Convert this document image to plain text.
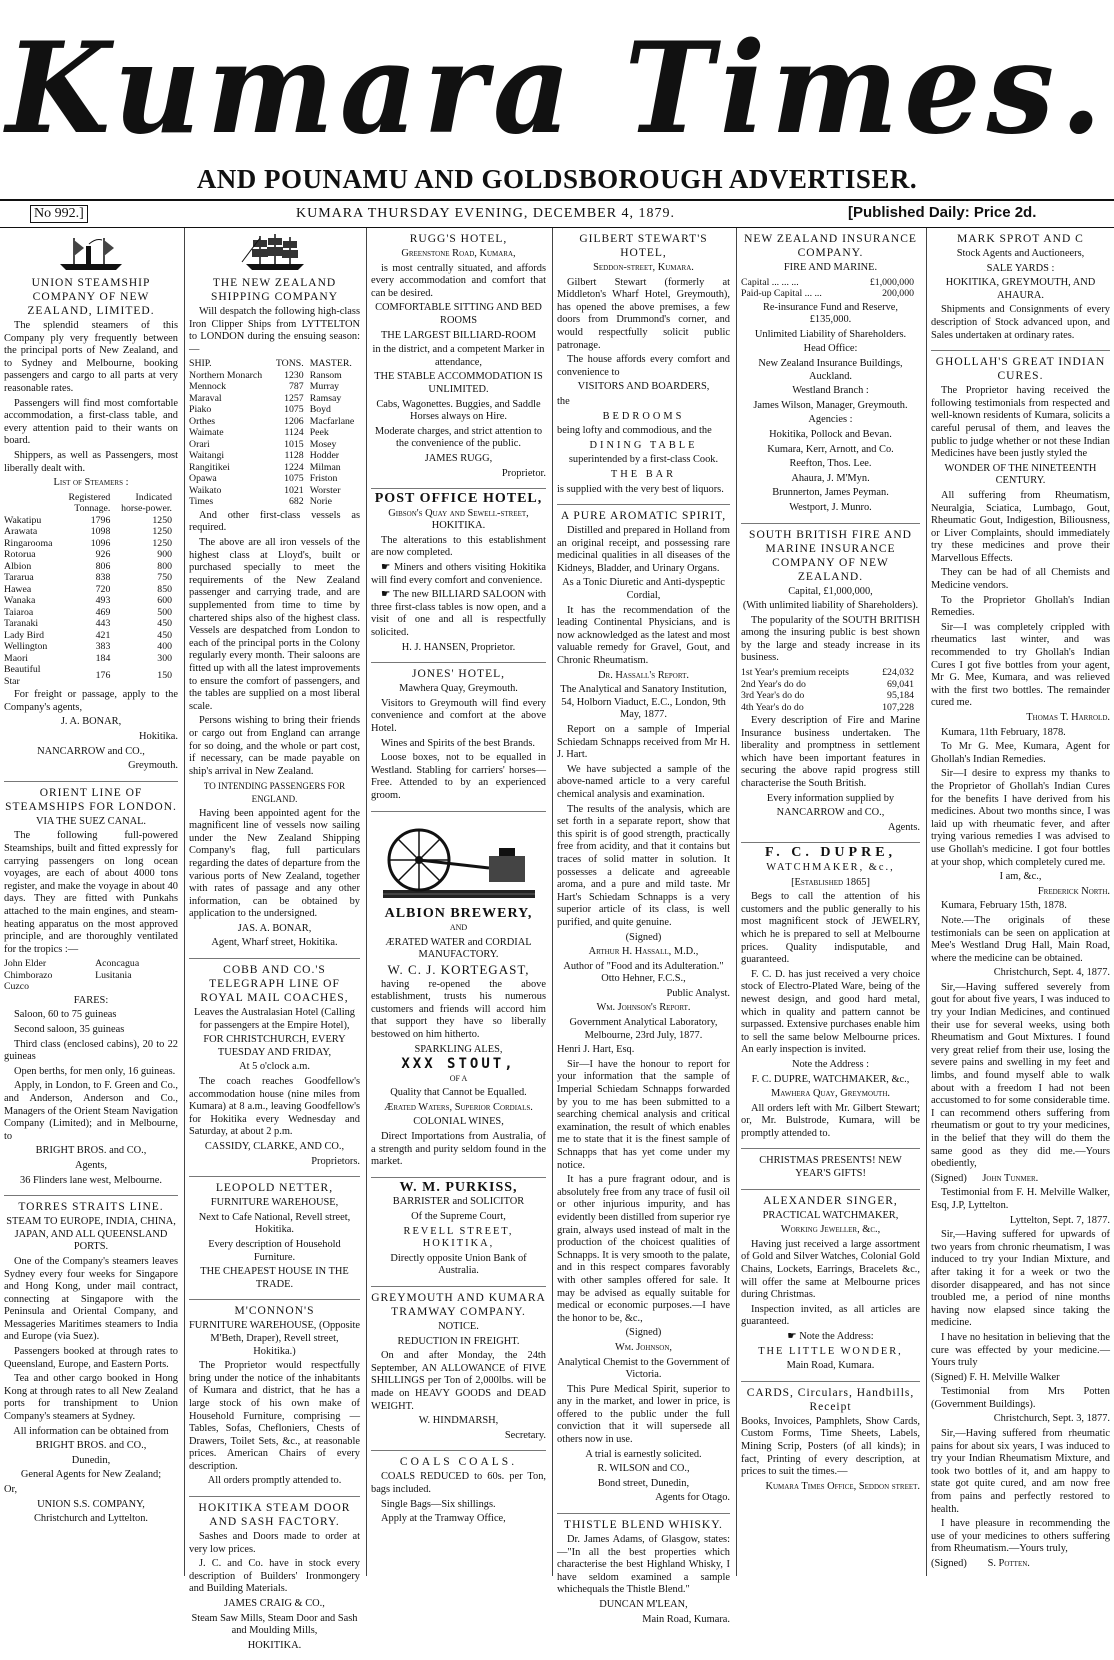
Kumara Times.
AND POUNAMU AND GOLDSBOROUGH ADVERTISER.
No 992.]	KUMARA THURSDAY EVENING, DECEMBER 4, 1879.	[Published Daily: Price 2d.
UNION STEAMSHIP COMPANY OF NEW ZEALAND, LIMITED.

The splendid steamers of this Company ply very frequently between the principal ports of New Zealand, and to Sydney and Melbourne, booking passengers and cargo to all parts at very reasonable rates.

Passengers will find most comfortable accommodation, a first-class table, and every attention paid to their wants on board.

Shippers, as well as Passengers, most liberally dealt with.

List of Steamers :

	Registered Tonnage.	Indicated horse-power.
Wakatipu	1796	1250
Arawata	1098	1250
Ringarooma	1096	1250
Rotorua	926	900
Albion	806	800
Tararua	838	750
Hawea	720	850
Wanaka	493	600
Taiaroa	469	500
Taranaki	443	450
Lady Bird	421	450
Wellington	383	400
Maori	184	300
Beautiful Star	176	150

For freight or passage, apply to the Company's agents,

J. A. BONAR,

Hokitika.

NANCARROW and CO.,

Greymouth.

ORIENT LINE OF STEAMSHIPS FOR LONDON.

VIA THE SUEZ CANAL.

The following full-powered Steamships, built and fitted expressly for carrying passengers on long ocean voyages, are each of about 4000 tons register, and make the voyage in about 40 days. They are fitted with Punkahs attached to the main engines, and steam-heating apparatus on the most approved principle, and are thoroughly ventilated for the tropics :—

John Elder	Aconcagua
Chimborazo	Lusitania
Cuzco	

FARES:

Saloon, 60 to 75 guineas

Second saloon, 35 guineas

Third class (enclosed cabins), 20 to 22 guineas

Open berths, for men only, 16 guineas.

Apply, in London, to F. Green and Co., and Anderson, Anderson and Co., Managers of the Orient Steam Navigation Company (Limited); and in Melbourne, to

BRIGHT BROS. and CO.,

Agents,

36 Flinders lane west, Melbourne.

TORRES STRAITS LINE.

STEAM TO EUROPE, INDIA, CHINA, JAPAN, AND ALL QUEENSLAND PORTS.

One of the Company's steamers leaves Sydney every four weeks for Singapore and Hong Kong, under mail contract, connecting at Singapore with the Peninsula and Oriental Company, and Messageries Maritimes steamers to India and Europe (via Suez).

Passengers booked at through rates to Queensland, Europe, and Eastern Ports.

Tea and other cargo booked in Hong Kong at through rates to all New Zealand ports for transhipment to Union Company's steamers at Sydney.

All information can be obtained from

BRIGHT BROS. and CO.,

Dunedin,

General Agents for New Zealand;

Or,

UNION S.S. COMPANY,

Christchurch and Lyttelton.

THE NEW ZEALAND SHIPPING COMPANY

Will despatch the following high-class Iron Clipper Ships from LYTTELTON to LONDON during the ensuing season:—

SHIP.	TONS.	MASTER.
Northern Monarch	1230	Ransom
Mennock	787	Murray
Maraval	1257	Ramsay
Piako	1075	Boyd
Orthes	1206	Macfarlane
Waimate	1124	Peek
Orari	1015	Mosey
Waitangi	1128	Hodder
Rangitikei	1224	Milman
Opawa	1075	Friston
Waikato	1021	Worster
Times	682	Norie

And other first-class vessels as required.

The above are all iron vessels of the highest class at Lloyd's, built or purchased specially to meet the requirements of the New Zealand passenger and carrying trade, and are supplemented from time to time by chartered ships also of the highest class. Vessels are despatched from London to each of the principal ports in the Colony regularly every month. Their saloons are fitted up with all the latest improvements to ensure the comfort of passengers, and the tables are supplied on a most liberal scale.

Persons wishing to bring their friends or cargo out from England can arrange for so doing, and the whole or part cost, if necessary, can be made payable on ship's arrival in New Zealand.

TO INTENDING PASSENGERS FOR ENGLAND.

Having been appointed agent for the magnificent line of vessels now sailing under the New Zealand Shipping Company's flag, full particulars regarding the dates of departure from the various ports of New Zealand, together with rates of passage and any other information, can be obtained by application to the undersigned.

JAS. A. BONAR,

Agent, Wharf street, Hokitika.

COBB AND CO.'S
TELEGRAPH LINE OF ROYAL MAIL COACHES,

Leaves the Australasian Hotel (Calling for passengers at the Empire Hotel),

FOR CHRISTCHURCH, EVERY TUESDAY AND FRIDAY,

At 5 o'clock a.m.

The coach reaches Goodfellow's accommodation house (nine miles from Kumara) at 8 a.m., leaving Goodfellow's for Hokitika every Wednesday and Saturday, at about 2 p.m.

CASSIDY, CLARKE, AND CO.,

Proprietors.

LEOPOLD NETTER,

FURNITURE WAREHOUSE,

Next to Cafe National, Revell street, Hokitika.

Every description of Household Furniture.

THE CHEAPEST HOUSE IN THE TRADE.

M'CONNON'S

FURNITURE WAREHOUSE, (Opposite M'Beth, Draper), Revell street, Hokitika.)

The Proprietor would respectfully bring under the notice of the inhabitants of Kumara and district, that he has a large stock of his own make of Household Furniture, comprising — Tables, Sofas, Chefloniers, Chests of Drawers, Toilet Sets, &c., at reasonable prices. American Chairs of every description.

All orders promptly attended to.

HOKITIKA STEAM DOOR AND SASH FACTORY.

Sashes and Doors made to order at very low prices.

J. C. and Co. have in stock every description of Builders' Ironmongery and Building Materials.

JAMES CRAIG & CO.,

Steam Saw Mills, Steam Door and Sash and Moulding Mills,

HOKITIKA.

RUGG'S HOTEL,

Greenstone Road, Kumara,

is most centrally situated, and affords every accommodation and comfort that can be desired.

COMFORTABLE SITTING AND BED ROOMS

THE LARGEST BILLIARD-ROOM

in the district, and a competent Marker in attendance,

THE STABLE ACCOMMODATION IS UNLIMITED.

Cabs, Wagonettes. Buggies, and Saddle Horses always on Hire.

Moderate charges, and strict attention to the convenience of the public.

JAMES RUGG,

Proprietor.

POST OFFICE HOTEL,

Gibson's Quay and Sewell-street, HOKITIKA.

The alterations to this establishment are now completed.

☛ Miners and others visiting Hokitika will find every comfort and convenience.

☛ The new BILLIARD SALOON with three first-class tables is now open, and a visit of one and all is respectfully solicited.

H. J. HANSEN, Proprietor.

JONES' HOTEL,

Mawhera Quay, Greymouth.

Visitors to Greymouth will find every convenience and comfort at the above Hotel.

Wines and Spirits of the best Brands.

Loose boxes, not to be equalled in Westland. Stabling for carriers' horses—Free. Attended to by an experienced groom.

ALBION BREWERY,

AND

ÆRATED WATER and CORDIAL MANUFACTORY.

W. C. J. KORTEGAST,

having re-opened the above establishment, trusts his numerous customers and friends will accord him that support they have so liberally bestowed on him hitherto.

SPARKLING ALES,

XXX STOUT,

OF A

Quality that Cannot be Equalled.

Ærated Waters, Superior Cordials.

COLONIAL WINES,

Direct Importations from Australia, of a strength and purity seldom found in the market.

W. M. PURKISS,

BARRISTER and SOLICITOR

Of the Supreme Court,

REVELL STREET, HOKITIKA,

Directly opposite Union Bank of Australia.

GREYMOUTH AND KUMARA TRAMWAY COMPANY.

NOTICE.

REDUCTION IN FREIGHT.

On and after Monday, the 24th September, AN ALLOWANCE of FIVE SHILLINGS per Ton of 2,000lbs. will be made on HEAVY GOODS and DEAD WEIGHT.

W. HINDMARSH,

Secretary.

COALS COALS.

COALS REDUCED to 60s. per Ton, bags included.

Single Bags—Six shillings.

Apply at the Tramway Office,

GILBERT STEWART'S HOTEL,

Seddon-street, Kumara.

Gilbert Stewart (formerly at Middleton's Wharf Hotel, Greymouth), has opened the above premises, a few doors from Drummond's corner, and would respectfully solicit public patronage.

The house affords every comfort and convenience to

VISITORS AND BOARDERS,

the

BEDROOMS

being lofty and commodious, and the

DINING TABLE

superintended by a first-class Cook.

THE BAR

is supplied with the very best of liquors.

A PURE AROMATIC SPIRIT,

Distilled and prepared in Holland from an original receipt, and possessing rare medicinal qualities in all diseases of the Kidneys, Bladder, and Urinary Organs.

As a Tonic Diuretic and Anti-dyspeptic Cordial,

It has the recommendation of the leading Continental Physicians, and is now acknowledged as the latest and most valuable remedy for Gravel, Gout, and Chronic Rheumatism.

Dr. Hassall's Report.

The Analytical and Sanatory Institution, 54, Holborn Viaduct, E.C., London, 9th May, 1877.

Report on a sample of Imperial Schiedam Schnapps received from Mr H. J. Hart.

We have subjected a sample of the above-named article to a very careful chemical analysis and examination.

The results of the analysis, which are set forth in a separate report, show that this spirit is of good strength, practically free from acidity, and that it contains but traces of solid matter in solution. It possesses a delicate and agreeable aroma, and a pure and mild taste. Mr Hart's Schiedam Schnapps is a very superior article of its class, is well purified, and quite genuine.

(Signed)

Arthur H. Hassall, M.D.,

Author of "Food and its Adulteration." Otto Hehner, F.C.S.,

Public Analyst.

Wm. Johnson's Report.

Government Analytical Laboratory, Melbourne, 23rd July, 1877.

Henri J. Hart, Esq.

Sir—I have the honour to report for your information that the sample of Imperial Schiedam Schnapps forwarded by you to me has been submitted to a searching chemical analysis and critical examination, the result of which enables me to state that it is the finest sample of Schnapps that has yet come under my notice.

It has a pure fragrant odour, and is absolutely free from any trace of fusil oil or other injurious impurity, and has evidently been distilled from superior rye grain, always used instead of malt in the production of the choicest qualities of Schnapps. It is very smooth to the palate, and in this respect compares favorably with other samples offered for sale. It may be advised as equally suitable for medical or economic purposes.—I have the honor to be, &c.,

(Signed)

Wm. Johnson,

Analytical Chemist to the Government of Victoria.

This Pure Medical Spirit, superior to any in the market, and lower in price, is offered to the public under the full conviction that it will supersede all others now in use.

A trial is earnestly solicited.

R. WILSON and CO.,

Bond street, Dunedin,

Agents for Otago.

THISTLE BLEND WHISKY.

Dr. James Adams, of Glasgow, states:—"In all the best properties which characterise the best Highland Whisky, I have seldom examined a sample whichequals the Thistle Blend."

DUNCAN M'LEAN,

Main Road, Kumara.

NEW ZEALAND INSURANCE COMPANY.

FIRE AND MARINE.

Capital ... ... ...	£1,000,000
Paid-up Capital ... ...	200,000

Re-insurance Fund and Reserve, £135,000.

Unlimited Liability of Shareholders.

Head Office:

New Zealand Insurance Buildings, Auckland.

Westland Branch :

James Wilson, Manager, Greymouth.

Agencies :

Hokitika, Pollock and Bevan.

Kumara, Kerr, Arnott, and Co.

Reefton, Thos. Lee.

Ahaura, J. M'Myn.

Brunnerton, James Peyman.

Westport, J. Munro.

SOUTH BRITISH FIRE AND MARINE INSURANCE COMPANY OF NEW ZEALAND.

Capital, £1,000,000,

(With unlimited liability of Shareholders).

The popularity of the SOUTH BRITISH among the insuring public is best shown by the large and steady increase in its business.

1st Year's premium receipts	£24,032
2nd Year's do do	69,041
3rd Year's do do	95,184
4th Year's do do	107,228

Every description of Fire and Marine Insurance business undertaken. The liberality and promptness in settlement which have been important features in securing the above rapid progress still characterise the South British.

Every information supplied by

NANCARROW and CO.,

Agents.

F. C. DUPRE,

WATCHMAKER, &c.,

[Established 1865]

Begs to call the attention of his customers and the public generally to his most magnificent stock of JEWELRY, which he is prepared to sell at Melbourne prices. Quality indisputable, and guaranteed.

F. C. D. has just received a very choice stock of Electro-Plated Ware, being of the newest design, and good hard metal, which in quality and pattern cannot be surpassed. Extensive purchases enable him to sell the same below Melbourne prices. An early inspection is invited.

Note the Address :

F. C. DUPRE, WATCHMAKER, &c.,

Mawhera Quay, Greymouth.

All orders left with Mr. Gilbert Stewart; or, Mr. Bulstrode, Kumara, will be promptly attended to.

CHRISTMAS PRESENTS! NEW YEAR'S GIFTS!

ALEXANDER SINGER,

PRACTICAL WATCHMAKER,

Working Jeweller, &c.,

Having just received a large assortment of Gold and Silver Watches, Colonial Gold Chains, Lockets, Earrings, Bracelets &c., will offer the same at Melbourne prices during Christmas.

Inspection invited, as all articles are guaranteed.

☛ Note the Address:

THE LITTLE WONDER,

Main Road, Kumara.

CARDS, Circulars, Handbills, Receipt

Books, Invoices, Pamphlets, Show Cards, Custom Forms, Time Sheets, Labels, Mining Scrip, Posters (of all kinds); in fact, Printing of every description, at prices to suit the times.—

Kumara Times Office, Seddon street.

MARK SPROT AND C

Stock Agents and Auctioneers,

SALE YARDS :

HOKITIKA, GREYMOUTH, AND AHAURA.

Shipments and Consignments of every description of Stock advanced upon, and Sales undertaken at ordinary rates.

GHOLLAH'S GREAT INDIAN CURES.

The Proprietor having received the following testimonials from respected and well-known residents of Kumara, solicits a careful perusal of them, and leaves the public to judge whether or not these Indian Medicines have been justly styled the

WONDER OF THE NINETEENTH CENTURY.

All suffering from Rheumatism, Neuralgia, Sciatica, Lumbago, Gout, Rheumatic Gout, Indigestion, Biliousness, or Liver Complaints, should immediately try these medicines and prove their Marvellous Effects.

They can be had of all Chemists and Medicine vendors.

To the Proprietor Ghollah's Indian Remedies.

Sir—I was completely crippled with rheumatics last winter, and was recommended to try Ghollah's Indian Cures I got five bottles from your agent, Mr G. Mee, Kumara, and was relieved with the first two bottles. The remainder cured me.

Thomas T. Harrold.

Kumara, 11th February, 1878.

To Mr G. Mee, Kumara, Agent for Ghollah's Indian Remedies.

Sir—I desire to express my thanks to the Proprietor of Ghollah's Indian Cures for the benefits I have derived from his medicines. About two months since, I was laid up with rheumatic fever, and after trying various remedies I was advised to use Ghollah's medicine. I got four bottles at your shop, which completely cured me.

I am, &c.,

Frederick North.

Kumara, February 15th, 1878.

Note.—The originals of these testimonials can be seen on application at Mee's Westland Drug Hall, Main Road, where the medicine can be obtained.

Christchurch, Sept. 4, 1877.

Sir,—Having suffered severely from gout for about five years, I was induced to try your Indian Medicines, and continued their use for several weeks, using both Rheumatism and Gout Mixtures. I found very great relief from their use, losing the severe pains and swelling in my feet and limbs, and found myself able to walk about with a freedom I had not been accustomed to for some considerable time. I can recommend others suffering from rheumatism or gout to try your medicines, in the belief that they will do them the same good as they did me.—Yours obediently,

(Signed) John Tunmer.

Testimonial from F. H. Melville Walker, Esq, J.P, Lyttelton.

Lyttelton, Sept. 7, 1877.

Sir,—Having suffered for upwards of two years from chronic rheumatism, I was induced to try your Indian Mixture, and after taking it for a week or two the disorder disappeared, and has not since troubled me, a period of nine months having now elapsed since taking the medicine.

I have no hesitation in believing that the cure was effected by your medicine.—Yours truly

(Signed) F. H. Melville Walker

Testimonial from Mrs Potten (Government Buildings).

Christchurch, Sept. 3, 1877.

Sir,—Having suffered from rheumatic pains for about six years, I was induced to try your Indian Rheumatism Mixture, and took two bottles of it, and am happy to state got quite cured, and am now free from pains and perfectly restored to health.

I have pleasure in recommending the use of your medicines to others suffering from Rheumatism.—Yours truly,

(Signed) S. Potten.
